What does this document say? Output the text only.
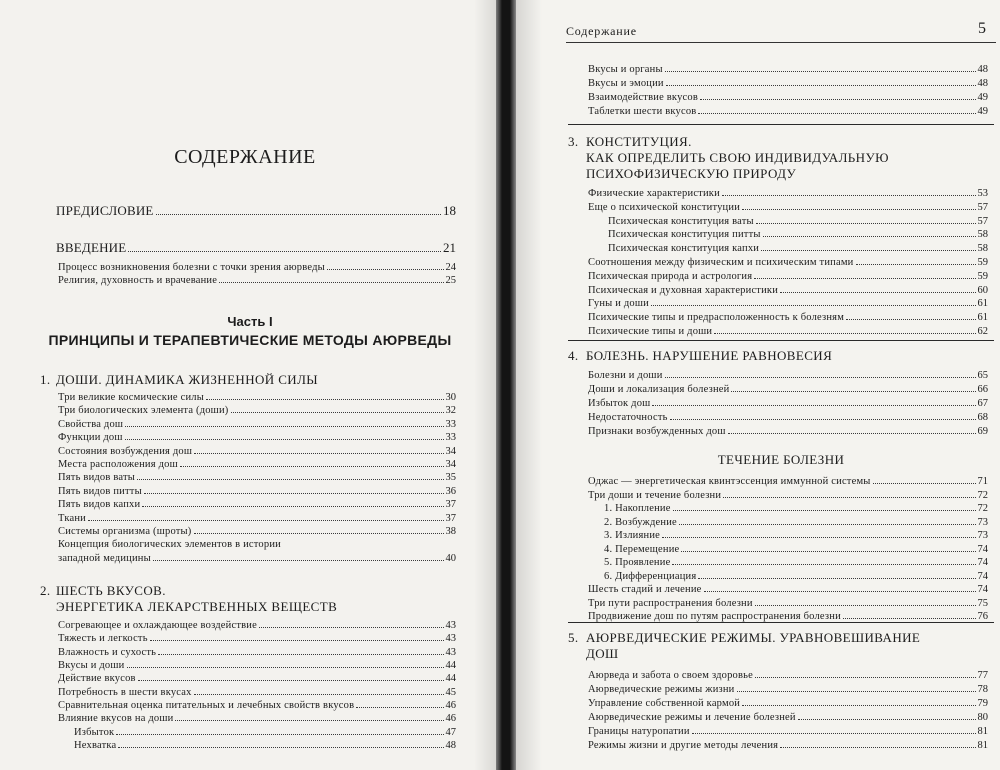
СОДЕРЖАНИЕ
ПРЕДИСЛОВИЕ	18
ВВЕДЕНИЕ	21
Процесс возникновения болезни с точки зрения аюрведы	24
Религия, духовность и врачевание	25
Часть I
ПРИНЦИПЫ И ТЕРАПЕВТИЧЕСКИЕ МЕТОДЫ АЮРВЕДЫ
1. ДОШИ. ДИНАМИКА ЖИЗНЕННОЙ СИЛЫ
Три великие космические силы	30
Три биологических элемента (доши)	32
Свойства дош	33
Функции дош	33
Состояния возбуждения дош	34
Места расположения дош	34
Пять видов ваты	35
Пять видов питты	36
Пять видов капхи	37
Ткани	37
Системы организма (шроты)	38
Концепция биологических элементов в истории
западной медицины	40
2. ШЕСТЬ ВКУСОВ.
ЭНЕРГЕТИКА ЛЕКАРСТВЕННЫХ ВЕЩЕСТВ
Согревающее и охлаждающее воздействие	43
Тяжесть и легкость	43
Влажность и сухость	43
Вкусы и доши	44
Действие вкусов	44
Потребность в шести вкусах	45
Сравнительная оценка питательных и лечебных свойств вкусов	46
Влияние вкусов на доши	46
Избыток	47
Нехватка	48
Содержание	5
Вкусы и органы	48
Вкусы и эмоции	48
Взаимодействие вкусов	49
Таблетки шести вкусов	49
3. КОНСТИТУЦИЯ.
КАК ОПРЕДЕЛИТЬ СВОЮ ИНДИВИДУАЛЬНУЮ
ПСИХОФИЗИЧЕСКУЮ ПРИРОДУ
Физические характеристики	53
Еще о психической конституции	57
Психическая конституция ваты	57
Психическая конституция питты	58
Психическая конституция капхи	58
Соотношения между физическим и психическим типами	59
Психическая природа и астрология	59
Психическая и духовная характеристики	60
Гуны и доши	61
Психические типы и предрасположенность к болезням	61
Психические типы и доши	62
4. БОЛЕЗНЬ. НАРУШЕНИЕ РАВНОВЕСИЯ
Болезни и доши	65
Доши и локализация болезней	66
Избыток дош	67
Недостаточность	68
Признаки возбужденных дош	69
ТЕЧЕНИЕ БОЛЕЗНИ
Оджас — энергетическая квинтэссенция иммунной системы	71
Три доши и течение болезни	72
1. Накопление	72
2. Возбуждение	73
3. Излияние	73
4. Перемещение	74
5. Проявление	74
6. Дифференциация	74
Шесть стадий и лечение	74
Три пути распространения болезни	75
Продвижение дош по путям распространения болезни	76
5. АЮРВЕДИЧЕСКИЕ РЕЖИМЫ. УРАВНОВЕШИВАНИЕ
ДОШ
Аюрведа и забота о своем здоровье	77
Аюрведические режимы жизни	78
Управление собственной кармой	79
Аюрведические режимы и лечение болезней	80
Границы натуропатии	81
Режимы жизни и другие методы лечения	81
